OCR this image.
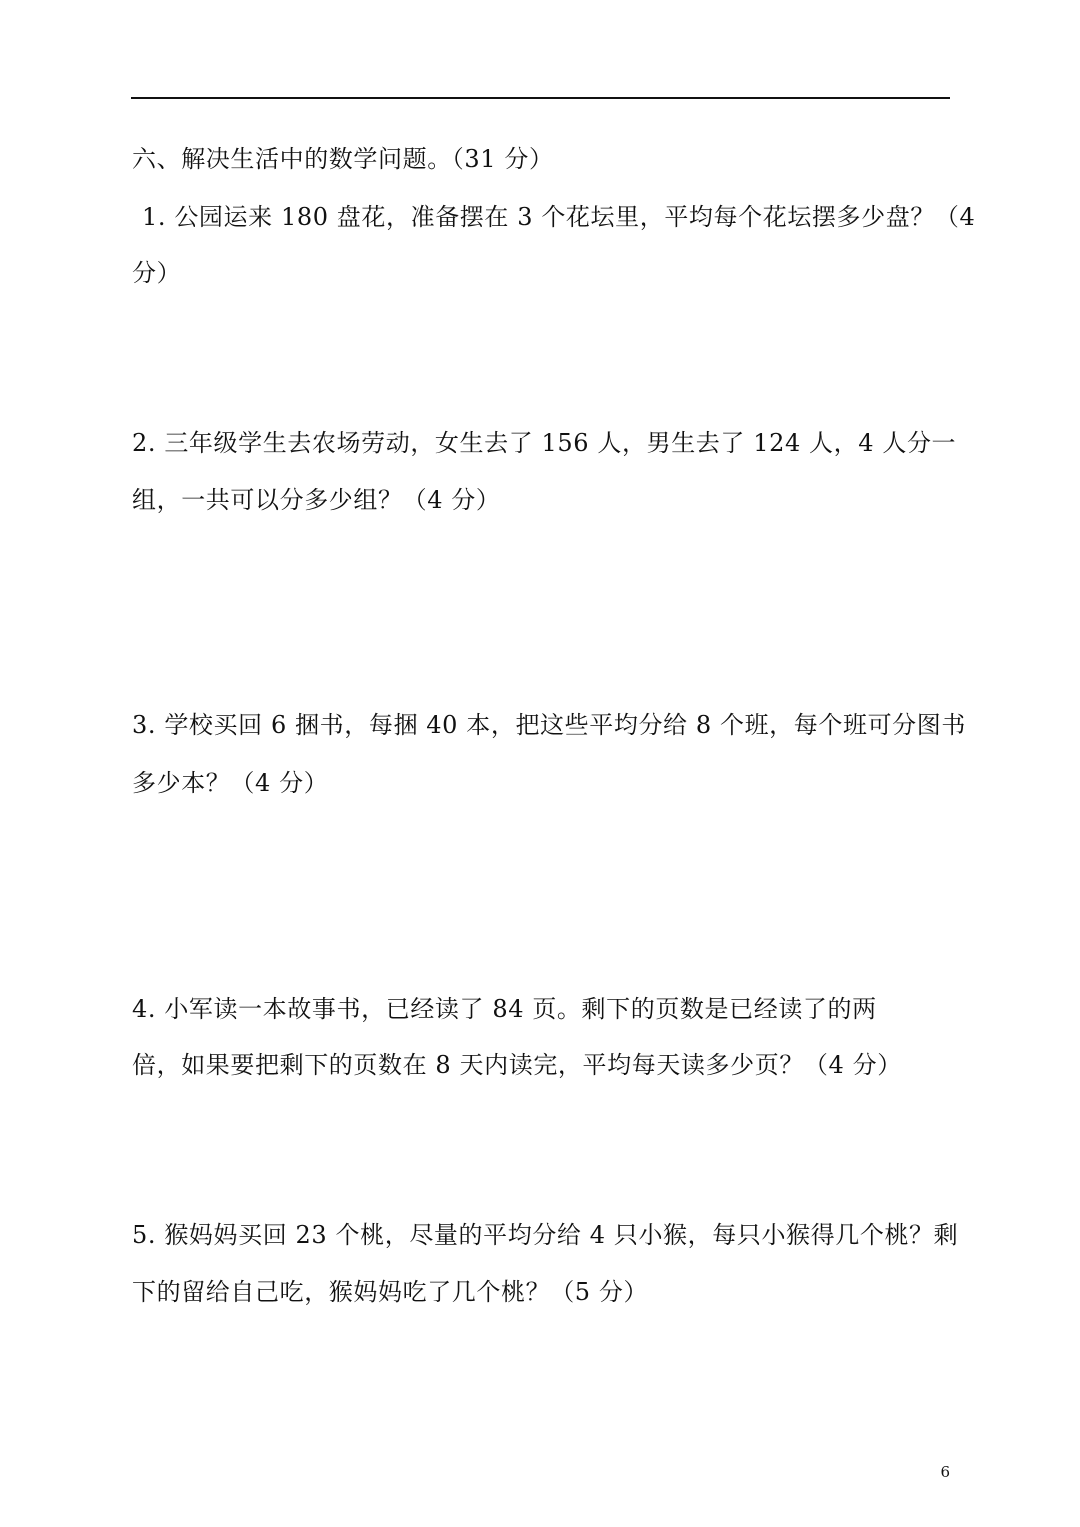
六、解决生活中的数学问题。（31 分）

1. 公园运来 180 盘花，准备摆在 3 个花坛里，平均每个花坛摆多少盘？（4

分）

2. 三年级学生去农场劳动，女生去了 156 人，男生去了 124 人，4 人分一

组，一共可以分多少组？（4 分）

3. 学校买回 6 捆书，每捆 40 本，把这些平均分给 8 个班，每个班可分图书

多少本？（4 分）

4. 小军读一本故事书，已经读了 84 页。剩下的页数是已经读了的两

倍，如果要把剩下的页数在 8 天内读完，平均每天读多少页？（4 分）

5. 猴妈妈买回 23 个桃，尽量的平均分给 4 只小猴，每只小猴得几个桃？剩

下的留给自己吃，猴妈妈吃了几个桃？（5 分）

6
